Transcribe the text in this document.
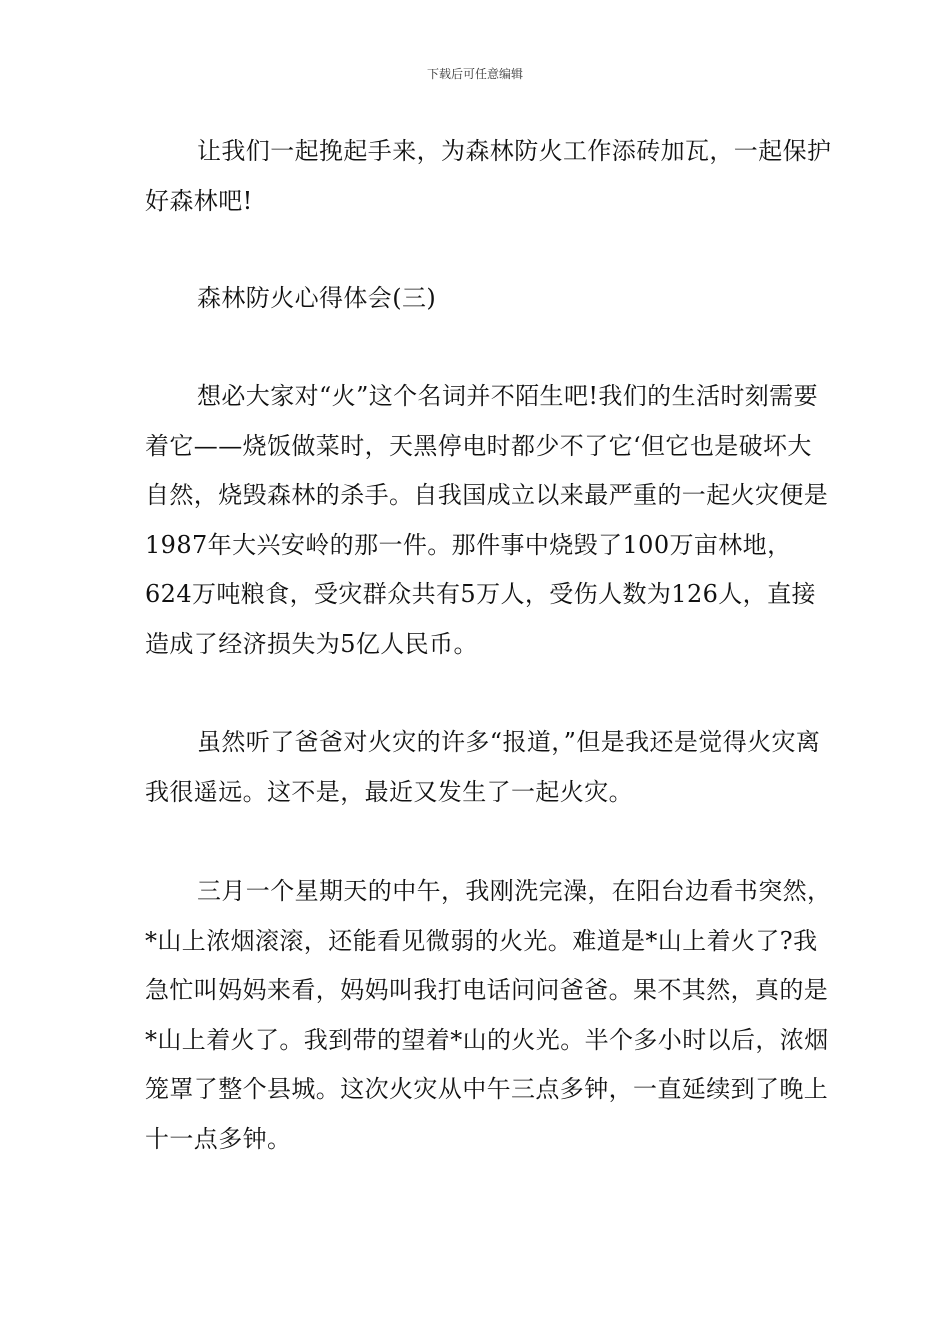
下载后可任意编辑

让我们一起挽起手来，为森林防火工作添砖加瓦，一起保护好森林吧!

森林防火心得体会(三)

想必大家对“火”这个名词并不陌生吧!我们的生活时刻需要着它——烧饭做菜时，天黑停电时都少不了它‘但它也是破坏大自然，烧毁森林的杀手。自我国成立以来最严重的一起火灾便是1987年大兴安岭的那一件。那件事中烧毁了100万亩林地，624万吨粮食，受灾群众共有5万人，受伤人数为126人，直接造成了经济损失为5亿人民币。

虽然听了爸爸对火灾的许多“报道，”但是我还是觉得火灾离我很遥远。这不是，最近又发生了一起火灾。

三月一个星期天的中午，我刚洗完澡，在阳台边看书突然，*山上浓烟滚滚，还能看见微弱的火光。难道是*山上着火了?我急忙叫妈妈来看，妈妈叫我打电话问问爸爸。果不其然，真的是*山上着火了。我到带的望着*山的火光。半个多小时以后，浓烟笼罩了整个县城。这次火灾从中午三点多钟，一直延续到了晚上十一点多钟。
